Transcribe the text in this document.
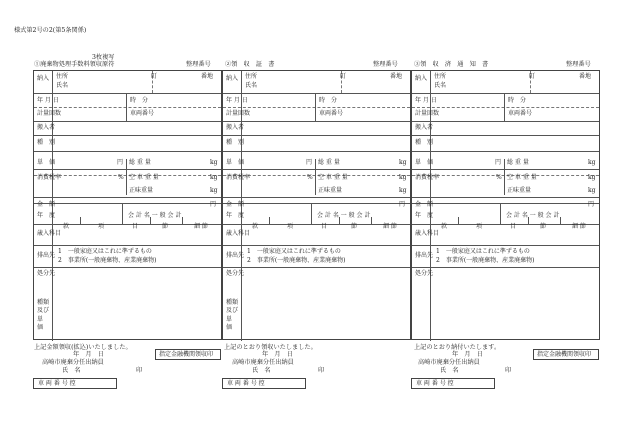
様式第2号の2(第5条関係)
3枚複写
①廃棄物処理手数料領収原符	整理番号
納入 住所
氏名
町	番地
年 月 日	時　分
計量回数	車両番号
搬入者
種　別
単　価	円 総 重 量	kg
消費税率	% 空 車 重 量	kg
正味重量	kg
金　額	円
年　度	会 計 名 一 般 会 計
歳入科目
款	項	目	節	細 節
排出先
1　一般家庭又はこれに準ずるもの
2　事業所(一般廃棄物、産業廃棄物)
処分先
種類及び単　価
上記金額領収(拡込)いたしました。
年　月　日
高崎市廃棄分任出納員
氏　名	印
指定金融機関領収印
車 両 番 号 控
②領　収　証　書	整理番号
納入 住所
氏名
町	番地
年 月 日	時　分
計量回数	車両番号
搬入者
種　別
単　価	円 総 重 量	kg
消費税率	% 空 車 重 量	kg
正味重量	kg
金　額	円
年　度	会 計 名 一 般 会 計
歳入科目
款	項	目	節	細 節
排出先
1　一般家庭又はこれに準ずるもの
2　事業所(一般廃棄物、産業廃棄物)
処分先
種類及び単　価
上記のとおり領収いたしました。
年　月　日
高崎市廃棄分任出納員
氏　名	印
車 両 番 号 控
③領　収　済　通　知　書	整理番号
納入 住所
氏名
町	番地
年 月 日	時　分
計量回数	車両番号
搬入者
種　別
単　価	円 総 重 量	kg
消費税率	% 空 車 重 量	kg
正味重量	kg
金　額	円
年　度	会 計 名 一 般 会 計
歳入科目
款	項	目	節	細 節
排出先
1　一般家庭又はこれに準ずるもの
2　事業所(一般廃棄物、産業廃棄物)
処分先
上記のとおり納付いたします。
年　月　日
高崎市廃棄分任出納員
氏　名	印
指定金融機関領収印
車 両 番 号 控
